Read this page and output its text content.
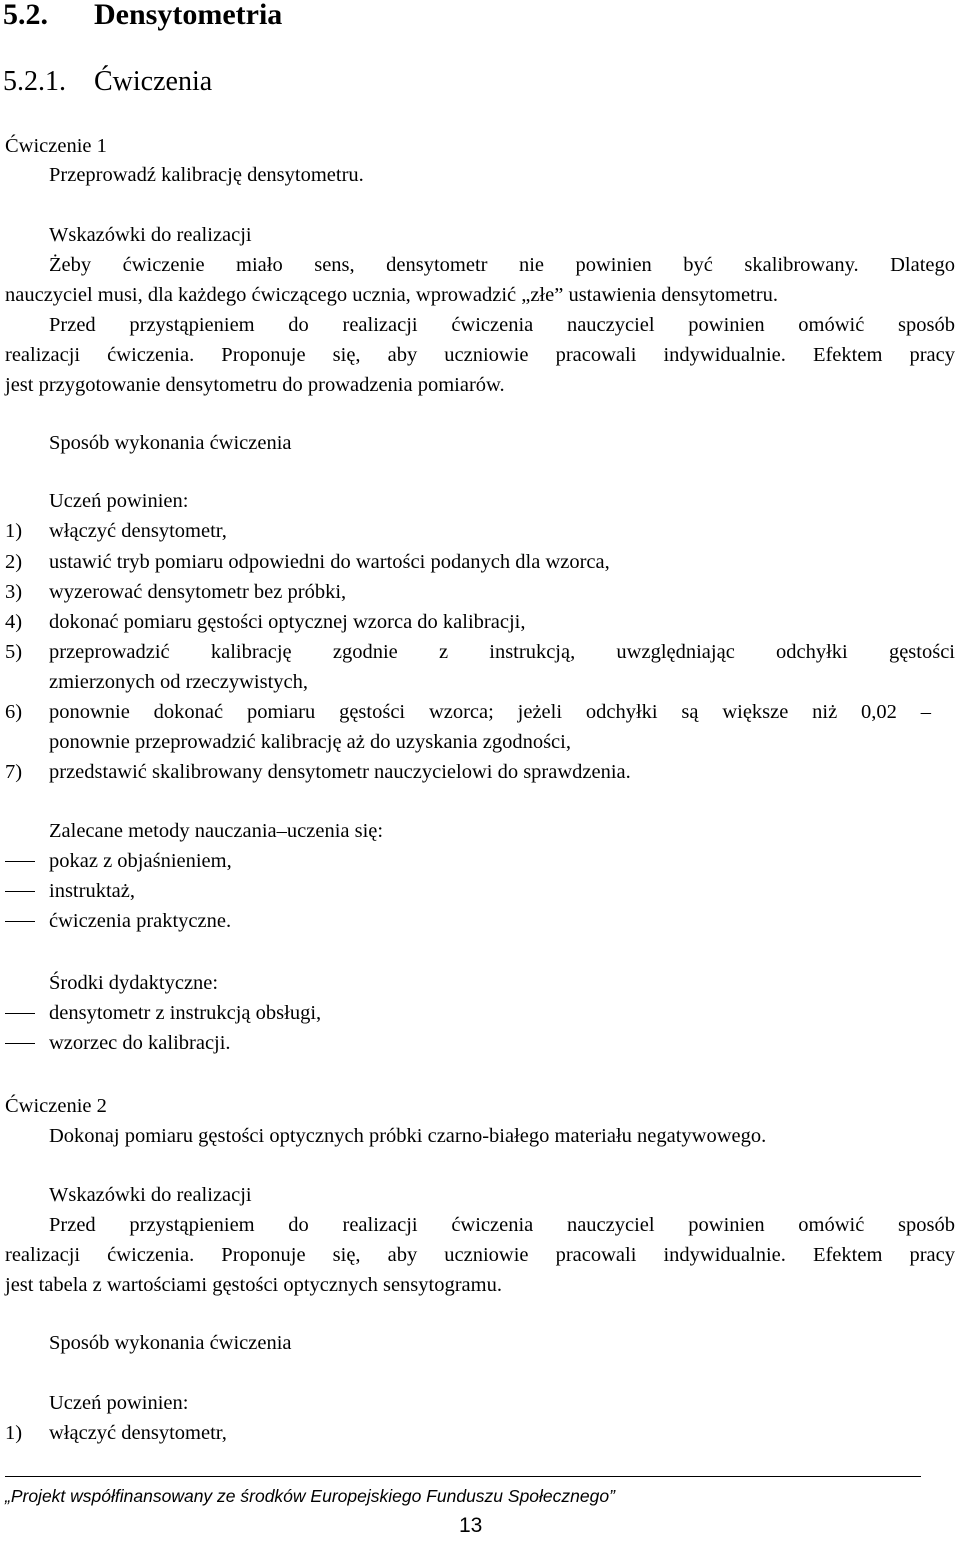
5.2. Densytometria
5.2.1. Ćwiczenia
Ćwiczenie 1
Przeprowadź kalibrację densytometru.
Wskazówki do realizacji
Żeby ćwiczenie miało sens, densytometr nie powinien być skalibrowany. Dlatego
nauczyciel musi, dla każdego ćwiczącego ucznia, wprowadzić „złe” ustawienia densytometru.
Przed przystąpieniem do realizacji ćwiczenia nauczyciel powinien omówić sposób
realizacji ćwiczenia. Proponuje się, aby uczniowie pracowali indywidualnie. Efektem pracy
jest przygotowanie densytometru do prowadzenia pomiarów.
Sposób wykonania ćwiczenia
Uczeń powinien:
1) włączyć densytometr,
2) ustawić tryb pomiaru odpowiedni do wartości podanych dla wzorca,
3) wyzerować densytometr bez próbki,
4) dokonać pomiaru gęstości optycznej wzorca do kalibracji,
5) przeprowadzić kalibrację zgodnie z instrukcją, uwzględniając odchyłki gęstości
zmierzonych od rzeczywistych,
6) ponownie dokonać pomiaru gęstości wzorca; jeżeli odchyłki są większe niż 0,02 –
ponownie przeprowadzić kalibrację aż do uzyskania zgodności,
7) przedstawić skalibrowany densytometr nauczycielowi do sprawdzenia.
Zalecane metody nauczania–uczenia się:
pokaz z objaśnieniem,
instruktaż,
ćwiczenia praktyczne.
Środki dydaktyczne:
densytometr z instrukcją obsługi,
wzorzec do kalibracji.
Ćwiczenie 2
Dokonaj pomiaru gęstości optycznych próbki czarno-białego materiału negatywowego.
Wskazówki do realizacji
Przed przystąpieniem do realizacji ćwiczenia nauczyciel powinien omówić sposób
realizacji ćwiczenia. Proponuje się, aby uczniowie pracowali indywidualnie. Efektem pracy
jest tabela z wartościami gęstości optycznych sensytogramu.
Sposób wykonania ćwiczenia
Uczeń powinien:
1) włączyć densytometr,
„Projekt współfinansowany ze środków Europejskiego Funduszu Społecznego”
13
